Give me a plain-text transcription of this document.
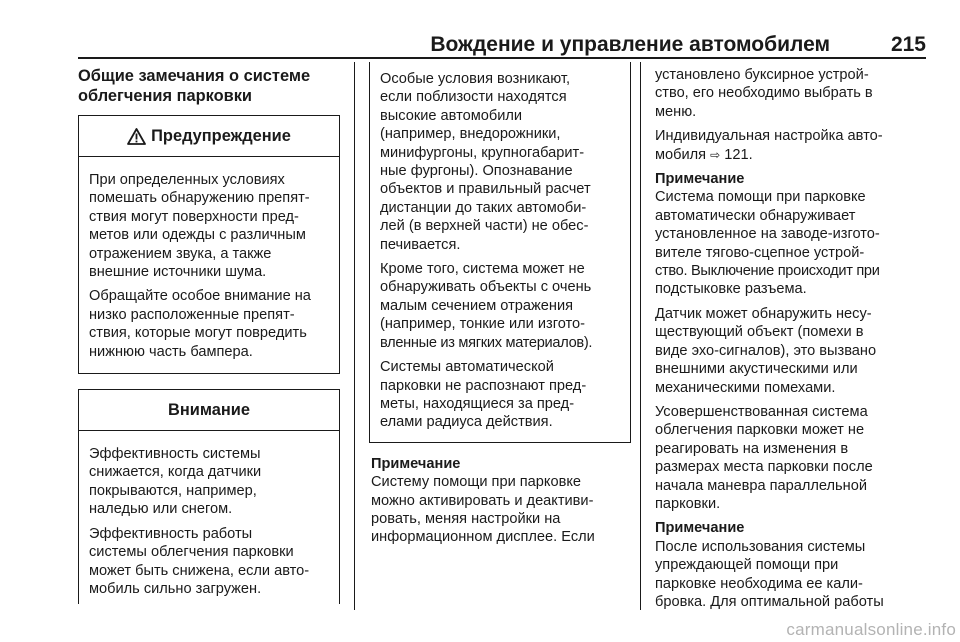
Вождение и управление автомобилем	215
Общие замечания о системе
облегчения парковки
Предупреждение

При определенных условиях
помешать обнаружению препят-
ствия могут поверхности пред-
метов или одежды с различным
отражением звука, а также
внешние источники шума.

Обращайте особое внимание на
низко расположенные препят-
ствия, которые могут повредить
нижнюю часть бампера.

Внимание

Эффективность системы
снижается, когда датчики
покрываются, например,
наледью или снегом.

Эффективность работы
системы облегчения парковки
может быть снижена, если авто-
мобиль сильно загружен.

Особые условия возникают,
если поблизости находятся
высокие автомобили
(например, внедорожники,
минифургоны, крупногабарит-
ные фургоны). Опознавание
объектов и правильный расчет
дистанции до таких автомоби-
лей (в верхней части) не обес-
печивается.

Кроме того, система может не
обнаруживать объекты с очень
малым сечением отражения
(например, тонкие или изгото-
вленные из мягких материалов).

Системы автоматической
парковки не распознают пред-
меты, находящиеся за пред-
елами радиуса действия.

Примечание
Систему помощи при парковке
можно активировать и деактиви-
ровать, меняя настройки на
информационном дисплее. Если

установлено буксирное устрой-
ство, его необходимо выбрать в
меню.

Индивидуальная настройка авто-
мобиля ⇨ 121.

Примечание
Система помощи при парковке
автоматически обнаруживает
установленное на заводе-изгото-
вителе тягово-сцепное устрой-
ство. Выключение происходит при
подстыковке разъема.

Датчик может обнаружить несу-
ществующий объект (помехи в
виде эхо-сигналов), это вызвано
внешними акустическими или
механическими помехами.

Усовершенствованная система
облегчения парковки может не
реагировать на изменения в
размерах места парковки после
начала маневра параллельной
парковки.

Примечание
После использования системы
упреждающей помощи при
парковке необходима ее кали-
бровка. Для оптимальной работы
carmanualsonline.info
